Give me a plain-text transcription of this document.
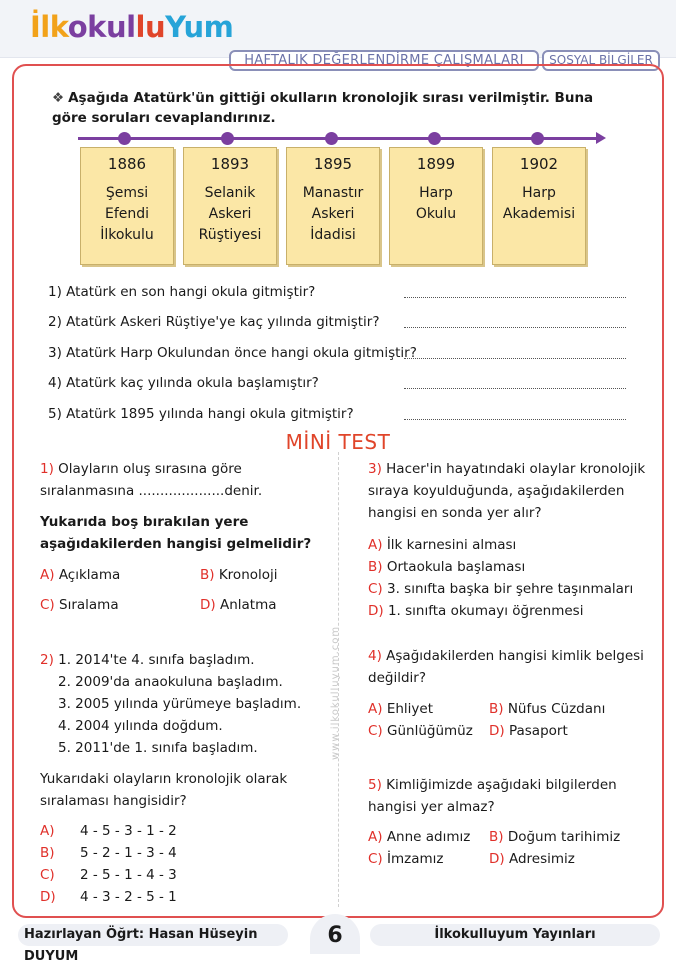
İlkokulluYum
HAFTALIK DEĞERLENDİRME ÇALIŞMALARI	SOSYAL BİLGİLER
❖ Aşağıda Atatürk'ün gittiği okulların kronolojik sırası verilmiştir. Buna göre soruları cevaplandırınız.
1886
Şemsi
Efendi
İlkokulu
1893
Selanik
Askeri
Rüştiyesi
1895
Manastır
Askeri
İdadisi
1899
Harp
Okulu
1902
Harp
Akademisi
1) Atatürk en son hangi okula gitmiştir?
2) Atatürk Askeri Rüştiye'ye kaç yılında gitmiştir?
3) Atatürk Harp Okulundan önce hangi okula gitmiştir?
4) Atatürk kaç yılında okula başlamıştır?
5) Atatürk 1895 yılında hangi okula gitmiştir?
MİNİ TEST
www.ilkokulluyum.com
1) Olayların oluş sırasına göre
sıralanmasına ....................denir.
Yukarıda boş bırakılan yere
aşağıdakilerden hangisi gelmelidir?
A) Açıklama	B) Kronoloji
C) Sıralama	D) Anlatma
2) 1. 2014'te 4. sınıfa başladım.
2. 2009'da anaokuluna başladım.
3. 2005 yılında yürümeye başladım.
4. 2004 yılında doğdum.
5. 2011'de 1. sınıfa başladım.
Yukarıdaki olayların kronolojik olarak
sıralaması hangisidir?
A) 4 - 5 - 3 - 1 - 2
B) 5 - 2 - 1 - 3 - 4
C) 2 - 5 - 1 - 4 - 3
D) 4 - 3 - 2 - 5 - 1
3) Hacer'in hayatındaki olaylar kronolojik
sıraya koyulduğunda, aşağıdakilerden
hangisi en sonda yer alır?
A) İlk karnesini alması
B) Ortaokula başlaması
C) 3. sınıfta başka bir şehre taşınmaları
D) 1. sınıfta okumayı öğrenmesi
4) Aşağıdakilerden hangisi kimlik belgesi
değildir?
A) Ehliyet	B) Nüfus Cüzdanı
C) Günlüğümüz D) Pasaport
5) Kimliğimizde aşağıdaki bilgilerden
hangisi yer almaz?
A) Anne adımız B) Doğum tarihimiz
C) İmzamız	D) Adresimiz
Hazırlayan Öğrt: Hasan Hüseyin DUYUM
6	İlkokulluyum Yayınları
